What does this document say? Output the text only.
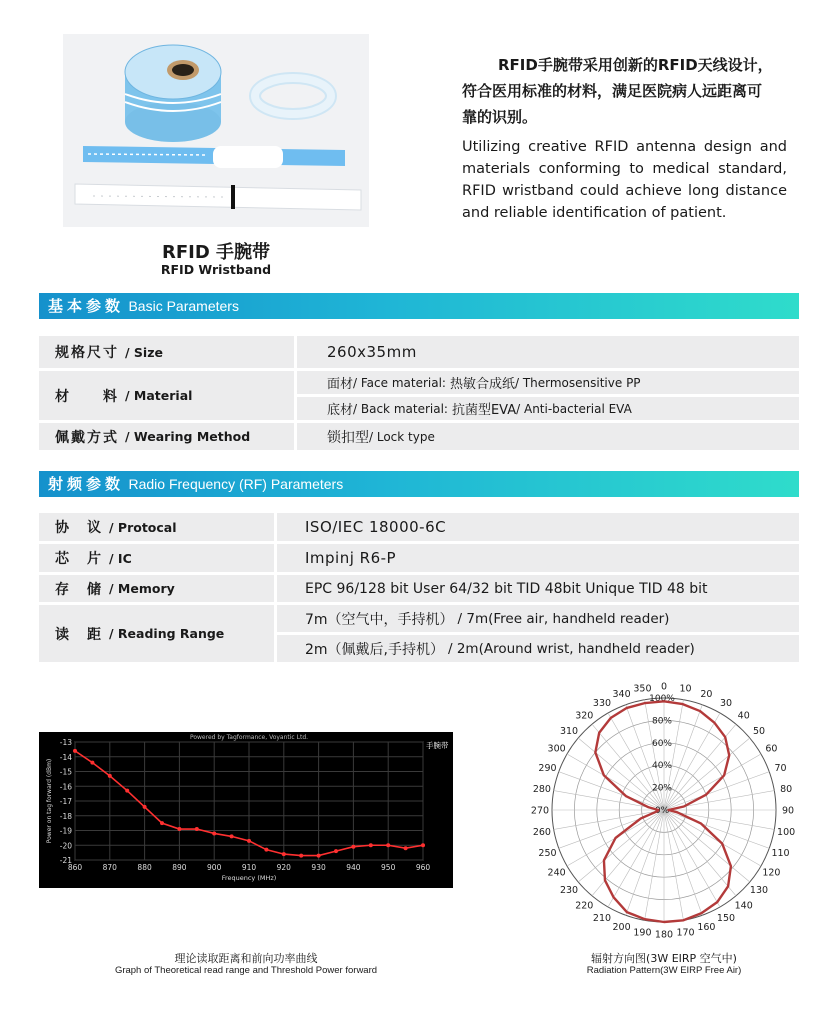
RFID 手腕带
RFID Wristband
RFID手腕带采用创新的RFID天线设计，
符合医用标准的材料，满足医院病人远距离可
靠的识别。
Utilizing creative RFID antenna design and materials conforming to medical standard, RFID wristband could achieve long distance and reliable identification of patient.
基本参数 Basic Parameters
规格尺寸 / Size	260x35mm
材　　料 / Material
面材 / Face material: 热敏合成纸 / Thermosensitive PP
底材 / Back material: 抗菌型EVA / Anti-bacterial EVA
佩戴方式 / Wearing Method	锁扣型 / Lock type
射频参数 Radio Frequency (RF) Parameters
协　议 / Protocal	ISO/IEC 18000-6C
芯　片 / IC	Impinj R6-P
存　储 / Memory	EPC 96/128 bit User 64/32 bit TID 48bit Unique TID 48 bit
读　距 / Reading Range
7m（空气中，手持机） / 7m(Free air, handheld reader)
2m（佩戴后,手持机） / 2m(Around wrist, handheld reader)
860	870	880	890	900	910	920	930	940	950	960
-13
-14
-15
-16
-17
-18
-19
-20
-21
Powered by Tagformance, Voyantic Ltd.
Frequency (MHz)
Power on tag forward (dBm)
手腕带
理论读取距离和前向功率曲线
Graph of Theoretical read range and Threshold Power forward
0 10
20
30
40
50
60
70
80
90
100
110
120
130
140
150
160
170
180
190
200
210
220
230
240
250
260
270
280
290
300
310
320
330
340
350
0%
20%
40%
60%
80%
100%
辐射方向图(3W EIRP 空气中)
Radiation Pattern(3W EIRP Free Air)
